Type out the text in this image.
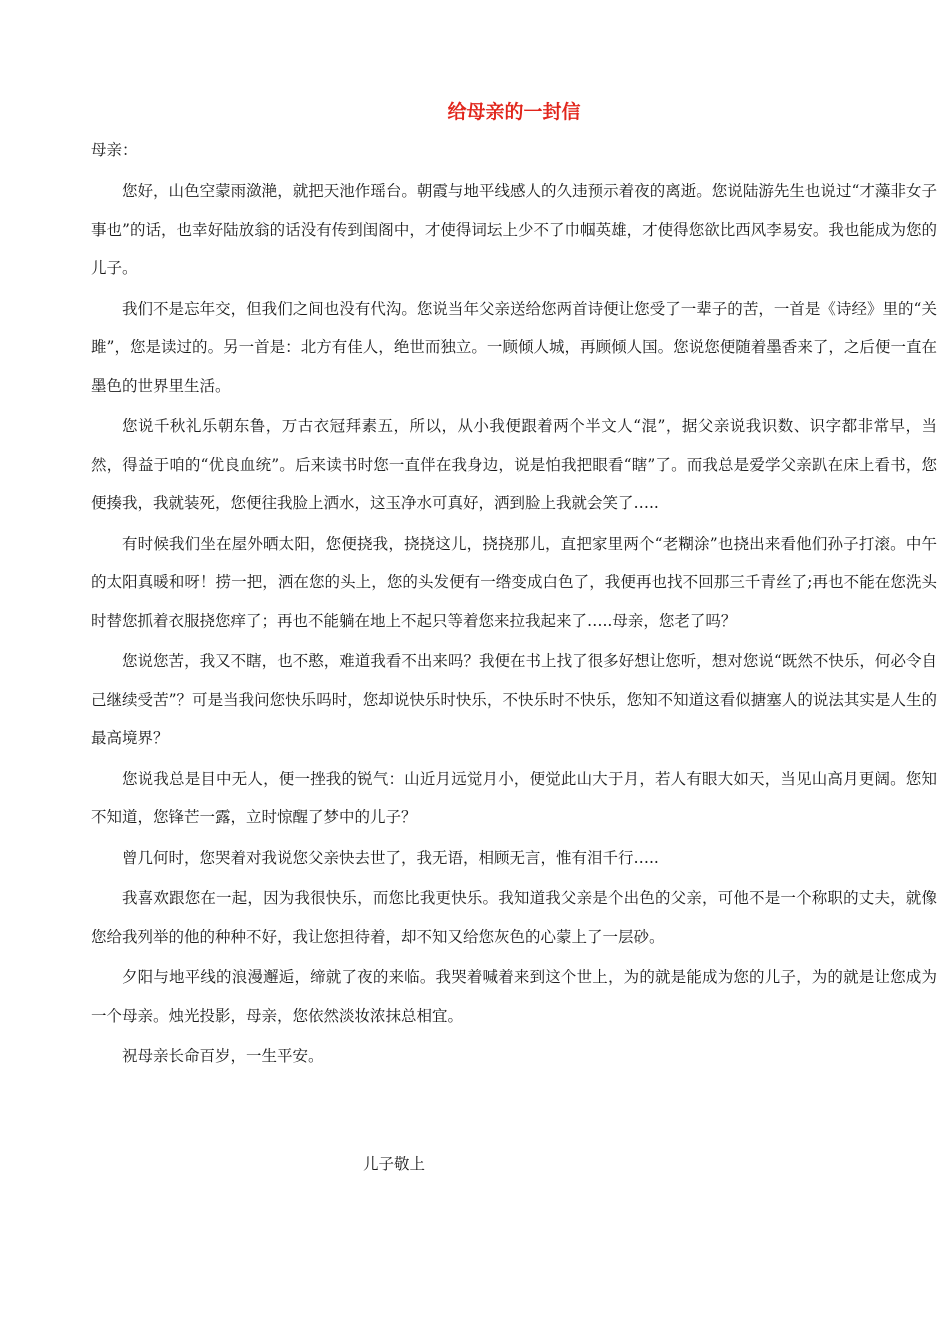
给母亲的一封信

母亲：

您好，山色空蒙雨潋滟，就把天池作瑶台。朝霞与地平线感人的久违预示着夜的离逝。您说陆游先生也说过“才藻非女子事也”的话，也幸好陆放翁的话没有传到闺阁中，才使得词坛上少不了巾帼英雄，才使得您欲比西风李易安。我也能成为您的儿子。

我们不是忘年交，但我们之间也没有代沟。您说当年父亲送给您两首诗便让您受了一辈子的苦，一首是《诗经》里的“关雎”，您是读过的。另一首是：北方有佳人，绝世而独立。一顾倾人城，再顾倾人国。您说您便随着墨香来了，之后便一直在墨色的世界里生活。

您说千秋礼乐朝东鲁，万古衣冠拜素五，所以，从小我便跟着两个半文人“混”，据父亲说我识数、识字都非常早，当然，得益于咱的“优良血统”。后来读书时您一直伴在我身边，说是怕我把眼看“瞎”了。而我总是爱学父亲趴在床上看书，您便揍我，我就装死，您便往我脸上洒水，这玉净水可真好，洒到脸上我就会笑了…..

有时候我们坐在屋外晒太阳，您便挠我，挠挠这儿，挠挠那儿，直把家里两个“老糊涂”也挠出来看他们孙子打滚。中午的太阳真暖和呀！捞一把，洒在您的头上，您的头发便有一绺变成白色了，我便再也找不回那三千青丝了;再也不能在您洗头时替您抓着衣服挠您痒了；再也不能躺在地上不起只等着您来拉我起来了…..母亲，您老了吗？

您说您苦，我又不瞎，也不憨，难道我看不出来吗？我便在书上找了很多好想让您听，想对您说“既然不快乐，何必令自己继续受苦”？可是当我问您快乐吗时，您却说快乐时快乐，不快乐时不快乐，您知不知道这看似搪塞人的说法其实是人生的最高境界？

您说我总是目中无人，便一挫我的锐气：山近月远觉月小，便觉此山大于月，若人有眼大如天，当见山高月更阔。您知不知道，您锋芒一露，立时惊醒了梦中的儿子？

曾几何时，您哭着对我说您父亲快去世了，我无语，相顾无言，惟有泪千行…..

我喜欢跟您在一起，因为我很快乐，而您比我更快乐。我知道我父亲是个出色的父亲，可他不是一个称职的丈夫，就像您给我列举的他的种种不好，我让您担待着，却不知又给您灰色的心蒙上了一层砂。

夕阳与地平线的浪漫邂逅，缔就了夜的来临。我哭着喊着来到这个世上，为的就是能成为您的儿子，为的就是让您成为一个母亲。烛光投影，母亲，您依然淡妆浓抹总相宜。

祝母亲长命百岁，一生平安。

儿子敬上
